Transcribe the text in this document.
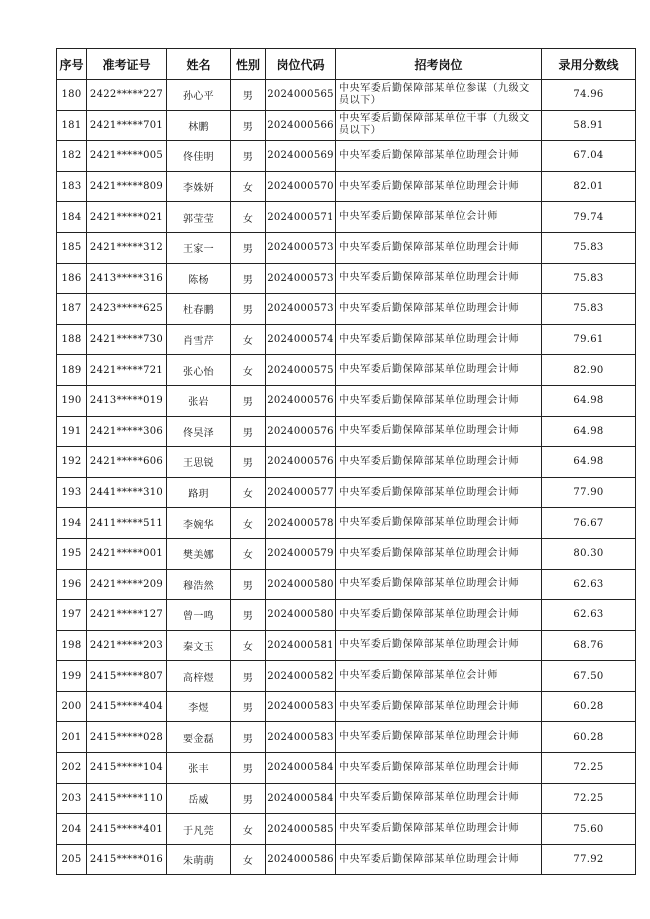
序号	准考证号	姓名	性别	岗位代码	招考岗位	录用分数线
180	2422*****227	孙心平	男	2024000565	中央军委后勤保障部某单位参谋（九级文员以下）	74.96
181	2421*****701	林鹏	男	2024000566	中央军委后勤保障部某单位干事（九级文员以下）	58.91
182	2421*****005	佟佳明	男	2024000569	中央军委后勤保障部某单位助理会计师	67.04
183	2421*****809	李姝妍	女	2024000570	中央军委后勤保障部某单位助理会计师	82.01
184	2421*****021	郭莹莹	女	2024000571	中央军委后勤保障部某单位会计师	79.74
185	2421*****312	王家一	男	2024000573	中央军委后勤保障部某单位助理会计师	75.83
186	2413*****316	陈杨	男	2024000573	中央军委后勤保障部某单位助理会计师	75.83
187	2423*****625	杜春鹏	男	2024000573	中央军委后勤保障部某单位助理会计师	75.83
188	2421*****730	肖雪芹	女	2024000574	中央军委后勤保障部某单位助理会计师	79.61
189	2421*****721	张心怡	女	2024000575	中央军委后勤保障部某单位助理会计师	82.90
190	2413*****019	张岩	男	2024000576	中央军委后勤保障部某单位助理会计师	64.98
191	2421*****306	佟昊泽	男	2024000576	中央军委后勤保障部某单位助理会计师	64.98
192	2421*****606	王思锐	男	2024000576	中央军委后勤保障部某单位助理会计师	64.98
193	2441*****310	路玥	女	2024000577	中央军委后勤保障部某单位助理会计师	77.90
194	2411*****511	李婉华	女	2024000578	中央军委后勤保障部某单位助理会计师	76.67
195	2421*****001	樊美娜	女	2024000579	中央军委后勤保障部某单位助理会计师	80.30
196	2421*****209	穆浩然	男	2024000580	中央军委后勤保障部某单位助理会计师	62.63
197	2421*****127	曾一鸣	男	2024000580	中央军委后勤保障部某单位助理会计师	62.63
198	2421*****203	秦文玉	女	2024000581	中央军委后勤保障部某单位助理会计师	68.76
199	2415*****807	高梓煜	男	2024000582	中央军委后勤保障部某单位会计师	67.50
200	2415*****404	李煜	男	2024000583	中央军委后勤保障部某单位助理会计师	60.28
201	2415*****028	要金磊	男	2024000583	中央军委后勤保障部某单位助理会计师	60.28
202	2415*****104	张丰	男	2024000584	中央军委后勤保障部某单位助理会计师	72.25
203	2415*****110	岳威	男	2024000584	中央军委后勤保障部某单位助理会计师	72.25
204	2415*****401	于凡莞	女	2024000585	中央军委后勤保障部某单位助理会计师	75.60
205	2415*****016	朱萌萌	女	2024000586	中央军委后勤保障部某单位助理会计师	77.92
